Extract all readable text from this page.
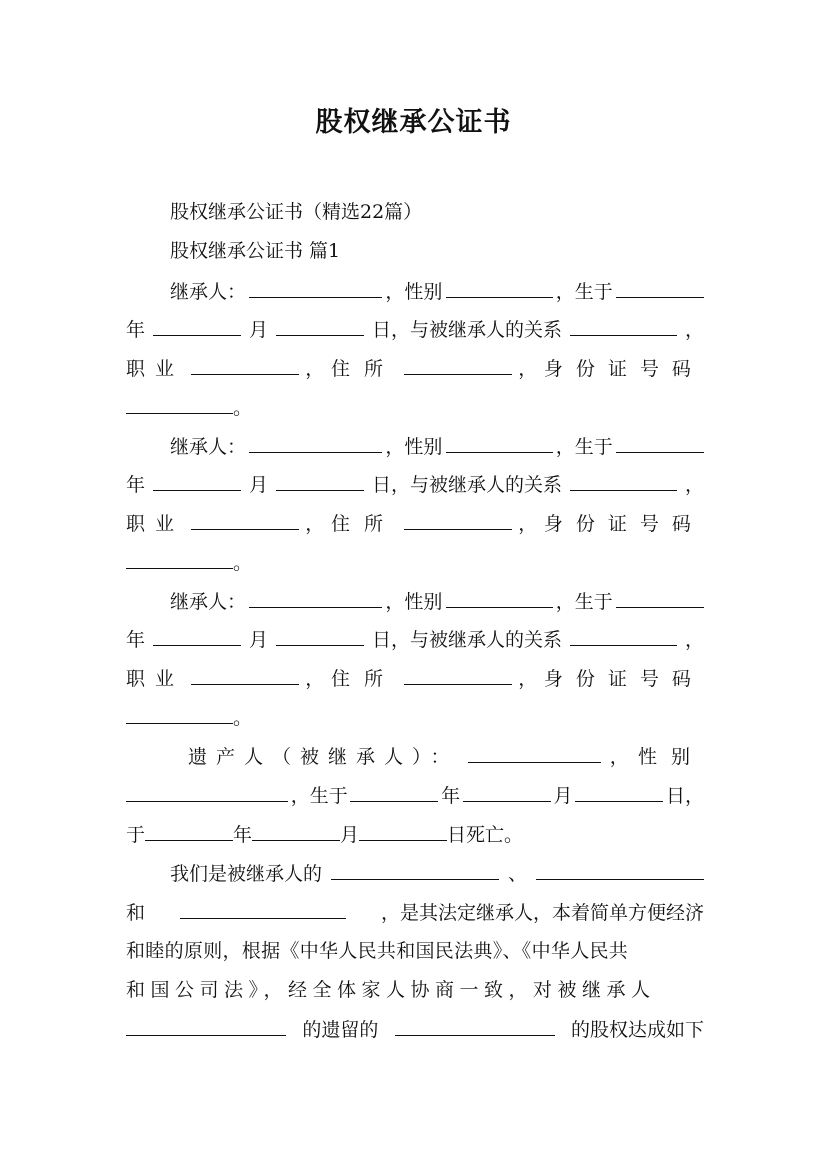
股权继承公证书
股权继承公证书（精选22篇）
股权继承公证书 篇1
继承人：	，性别	，生于
年	月	日，与被继承人的关系	，
职业	， 住所	， 身份证号码
。
继承人：	，性别	，生于
年	月	日，与被继承人的关系	，
职业	， 住所	， 身份证号码
。
继承人：	，性别	，生于
年	月	日，与被继承人的关系	，
职业	， 住所	， 身份证号码
。
遗产人（被继承人）：	， 性别
，生于	年	月	日，
于	年	月	日死亡。
我们是被继承人的	、
和	，是其法定继承人，本着简单方便经济
和睦的原则，根据《中华人民共和国民法典》、《中华人民共
和国公司法》，经全体家人协商一致，对被继承人
的遗留的	的股权达成如下
